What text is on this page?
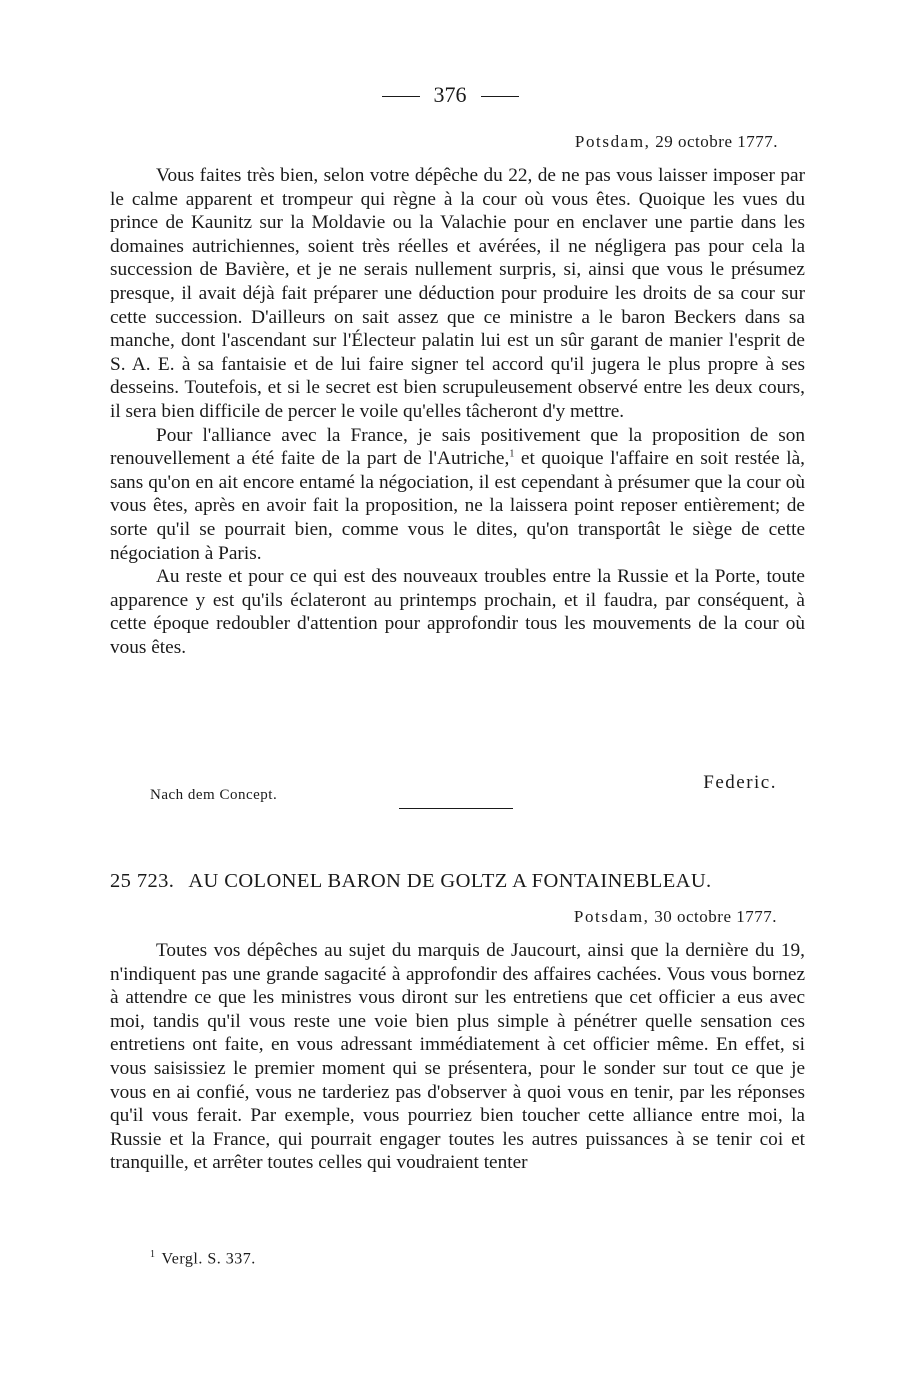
376
Potsdam, 29 octobre 1777.

Vous faites très bien, selon votre dépêche du 22, de ne pas vous laisser imposer par le calme apparent et trompeur qui règne à la cour où vous êtes. Quoique les vues du prince de Kaunitz sur la Moldavie ou la Valachie pour en enclaver une partie dans les domaines autrichiennes, soient très réelles et avérées, il ne négligera pas pour cela la succession de Bavière, et je ne serais nullement surpris, si, ainsi que vous le présumez presque, il avait déjà fait préparer une déduction pour produire les droits de sa cour sur cette succession. D'ailleurs on sait assez que ce ministre a le baron Beckers dans sa manche, dont l'ascendant sur l'Électeur palatin lui est un sûr garant de manier l'esprit de S. A. E. à sa fantaisie et de lui faire signer tel accord qu'il jugera le plus propre à ses desseins. Toutefois, et si le secret est bien scrupuleusement observé entre les deux cours, il sera bien difficile de percer le voile qu'elles tâcheront d'y mettre.

Pour l'alliance avec la France, je sais positivement que la proposition de son renouvellement a été faite de la part de l'Autriche,$^1$ et quoique l'affaire en soit restée là, sans qu'on en ait encore entamé la négociation, il est cependant à présumer que la cour où vous êtes, après en avoir fait la proposition, ne la laissera point reposer entièrement; de sorte qu'il se pourrait bien, comme vous le dites, qu'on transportât le siège de cette négociation à Paris.

Au reste et pour ce qui est des nouveaux troubles entre la Russie et la Porte, toute apparence y est qu'ils éclateront au printemps prochain, et il faudra, par conséquent, à cette époque redoubler d'attention pour approfondir tous les mouvements de la cour où vous êtes.

Federic.
Nach dem Concept.
25 723. AU COLONEL BARON DE GOLTZ A FONTAINEBLEAU.
Potsdam, 30 octobre 1777.

Toutes vos dépêches au sujet du marquis de Jaucourt, ainsi que la dernière du 19, n'indiquent pas une grande sagacité à approfondir des affaires cachées. Vous vous bornez à attendre ce que les ministres vous diront sur les entretiens que cet officier a eus avec moi, tandis qu'il vous reste une voie bien plus simple à pénétrer quelle sensation ces entretiens ont faite, en vous adressant immédiatement à cet officier même. En effet, si vous saisissiez le premier moment qui se présentera, pour le sonder sur tout ce que je vous en ai confié, vous ne tarderiez pas d'observer à quoi vous en tenir, par les réponses qu'il vous ferait. Par exemple, vous pourriez bien toucher cette alliance entre moi, la Russie et la France, qui pourrait engager toutes les autres puissances à se tenir coi et tranquille, et arrêter toutes celles qui voudraient tenter

$^1$ Vergl. S. 337.
